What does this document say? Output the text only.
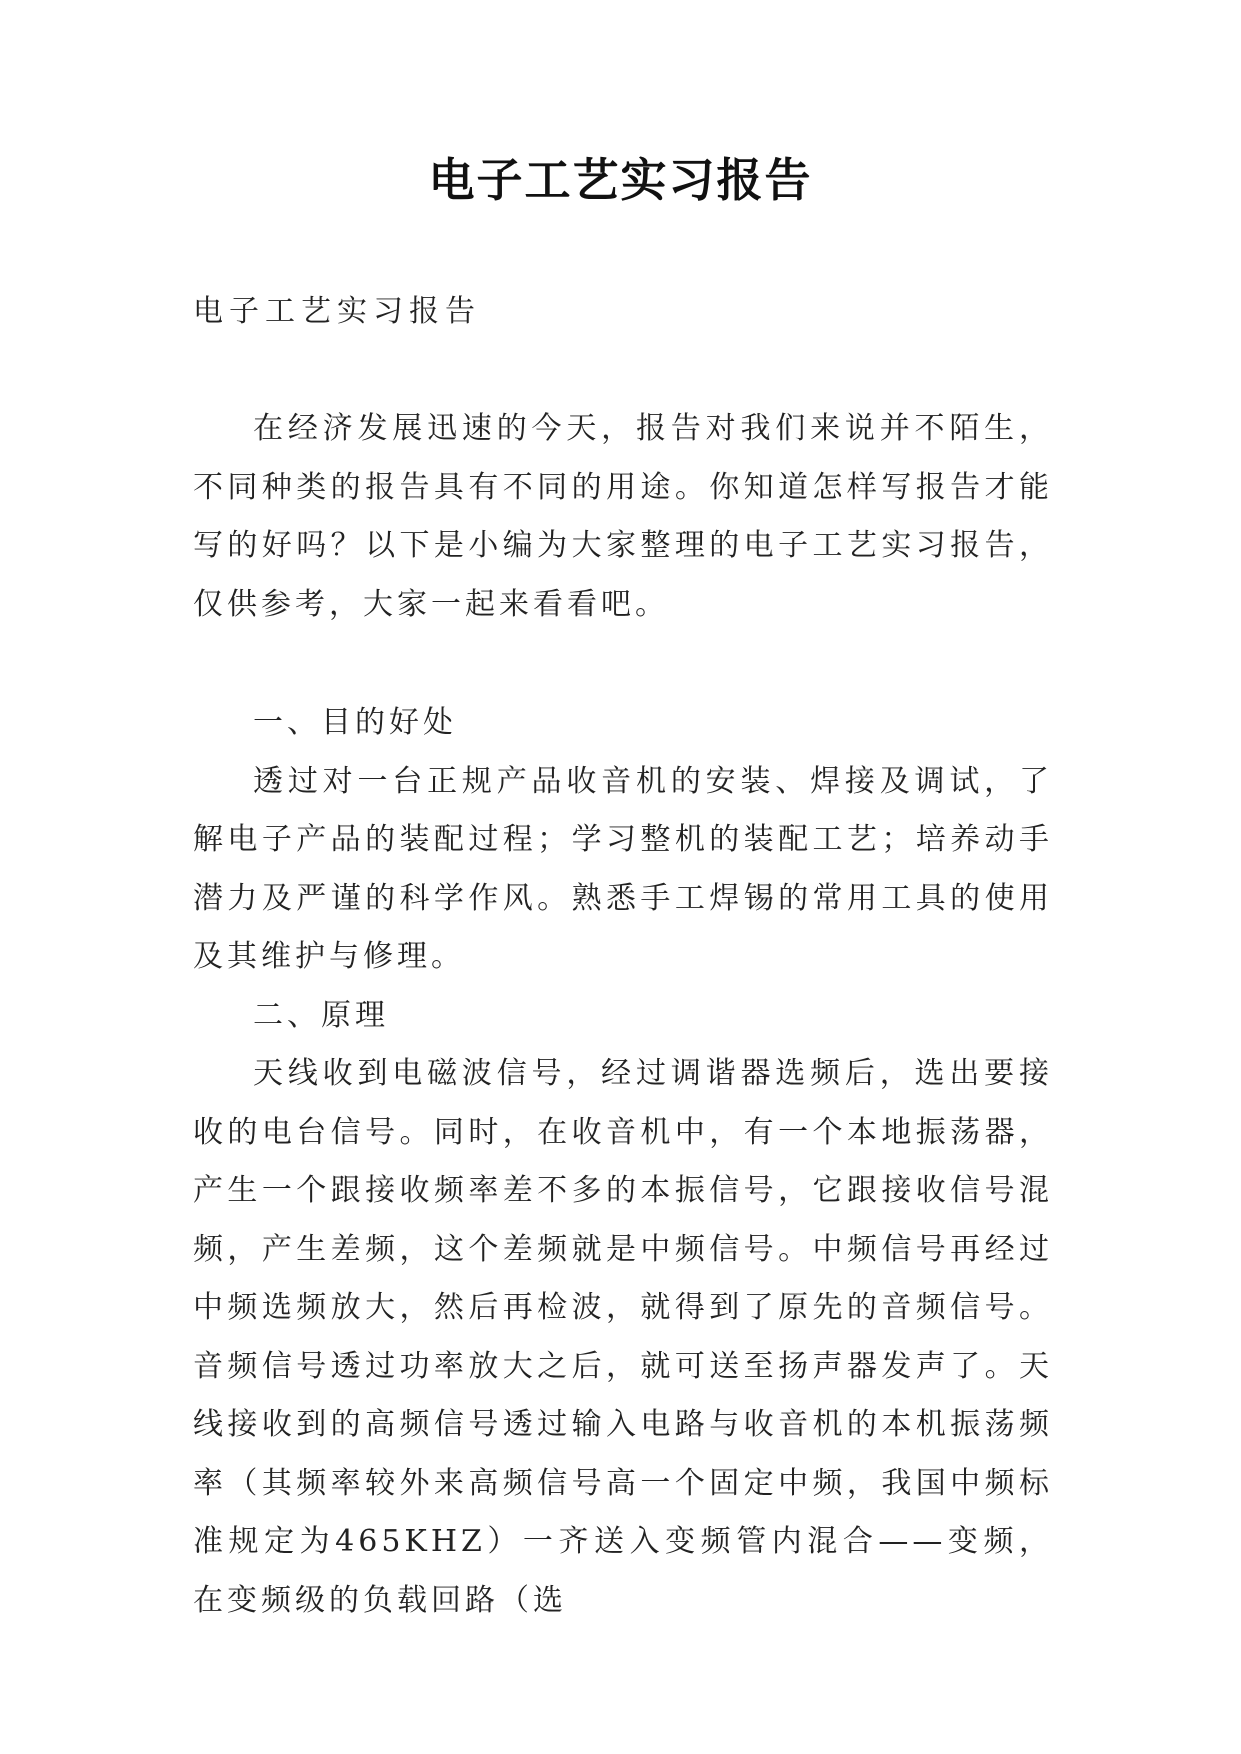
电子工艺实习报告
电子工艺实习报告

在经济发展迅速的今天，报告对我们来说并不陌生，不同种类的报告具有不同的用途。你知道怎样写报告才能写的好吗？以下是小编为大家整理的电子工艺实习报告，仅供参考，大家一起来看看吧。

一、目的好处

透过对一台正规产品收音机的安装、焊接及调试，了解电子产品的装配过程；学习整机的装配工艺；培养动手潜力及严谨的科学作风。熟悉手工焊锡的常用工具的使用及其维护与修理。

二、原理

天线收到电磁波信号，经过调谐器选频后，选出要接收的电台信号。同时，在收音机中，有一个本地振荡器，产生一个跟接收频率差不多的本振信号，它跟接收信号混频，产生差频，这个差频就是中频信号。中频信号再经过中频选频放大，然后再检波，就得到了原先的音频信号。音频信号透过功率放大之后，就可送至扬声器发声了。天线接收到的高频信号透过输入电路与收音机的本机振荡频率（其频率较外来高频信号高一个固定中频，我国中频标准规定为465KHZ）一齐送入变频管内混合——变频，在变频级的负载回路（选
